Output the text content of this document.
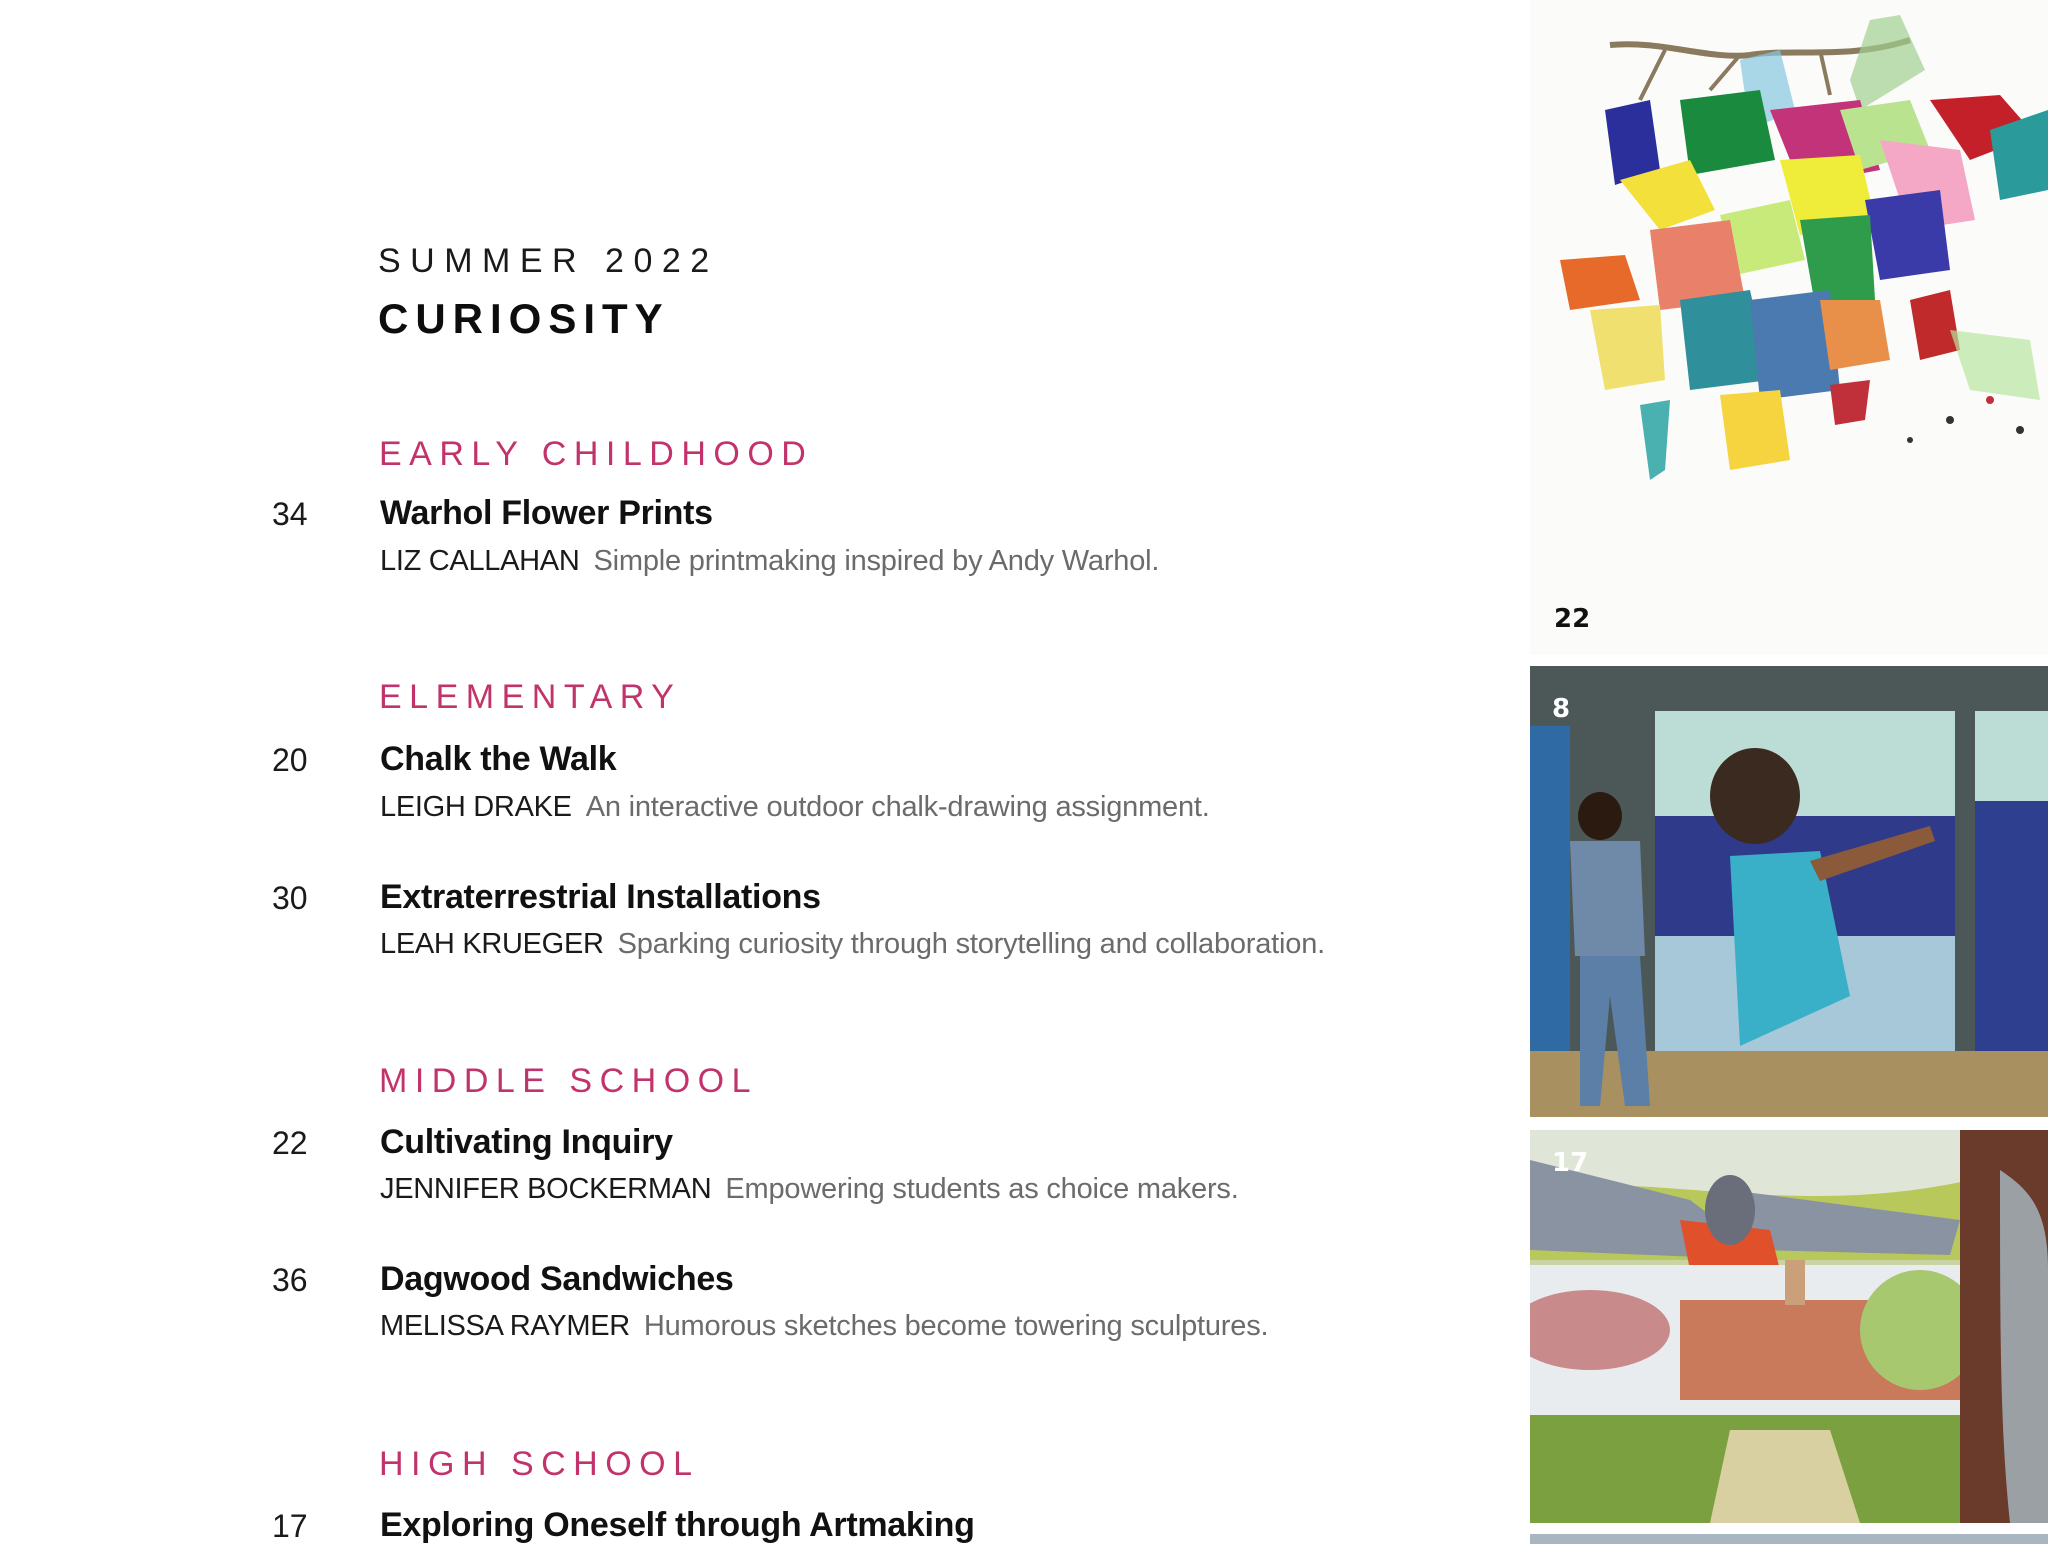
SUMMER 2022
CURIOSITY
EARLY CHILDHOOD
34 Warhol Flower Prints
LIZ CALLAHAN Simple printmaking inspired by Andy Warhol.
ELEMENTARY
20 Chalk the Walk
LEIGH DRAKE An interactive outdoor chalk-drawing assignment.
30 Extraterrestrial Installations
LEAH KRUEGER Sparking curiosity through storytelling and collaboration.
MIDDLE SCHOOL
22 Cultivating Inquiry
JENNIFER BOCKERMAN Empowering students as choice makers.
36 Dagwood Sandwiches
MELISSA RAYMER Humorous sketches become towering sculptures.
HIGH SCHOOL
17 Exploring Oneself through Artmaking
22
8
17
